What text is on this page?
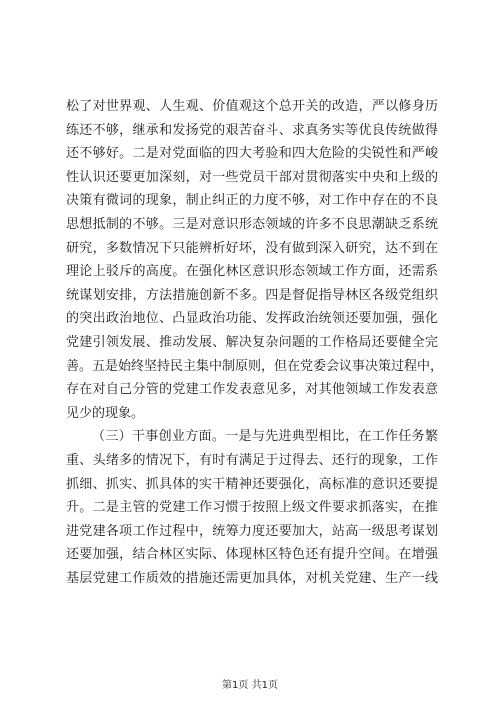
松了对世界观、人生观、价值观这个总开关的改造，严以修身历
练还不够，继承和发扬党的艰苦奋斗、求真务实等优良传统做得
还不够好。二是对党面临的四大考验和四大危险的尖锐性和严峻
性认识还要更加深刻，对一些党员干部对贯彻落实中央和上级的
决策有微词的现象，制止纠正的力度不够，对工作中存在的不良
思想抵制的不够。三是对意识形态领域的许多不良思潮缺乏系统
研究，多数情况下只能辨析好坏，没有做到深入研究，达不到在
理论上驳斥的高度。在强化林区意识形态领域工作方面，还需系
统谋划安排，方法措施创新不多。四是督促指导林区各级党组织
的突出政治地位、凸显政治功能、发挥政治统领还要加强，强化
党建引领发展、推动发展、解决复杂问题的工作格局还要健全完
善。五是始终坚持民主集中制原则，但在党委会议事决策过程中，
存在对自己分管的党建工作发表意见多，对其他领域工作发表意
见少的现象。
（三）干事创业方面。一是与先进典型相比，在工作任务繁
重、头绪多的情况下，有时有满足于过得去、还行的现象，工作
抓细、抓实、抓具体的实干精神还要强化，高标准的意识还要提
升。二是主管的党建工作习惯于按照上级文件要求抓落实，在推
进党建各项工作过程中，统筹力度还要加大，站高一级思考谋划
还要加强，结合林区实际、体现林区特色还有提升空间。在增强
基层党建工作质效的措施还需更加具体，对机关党建、生产一线
第1页 共1页
